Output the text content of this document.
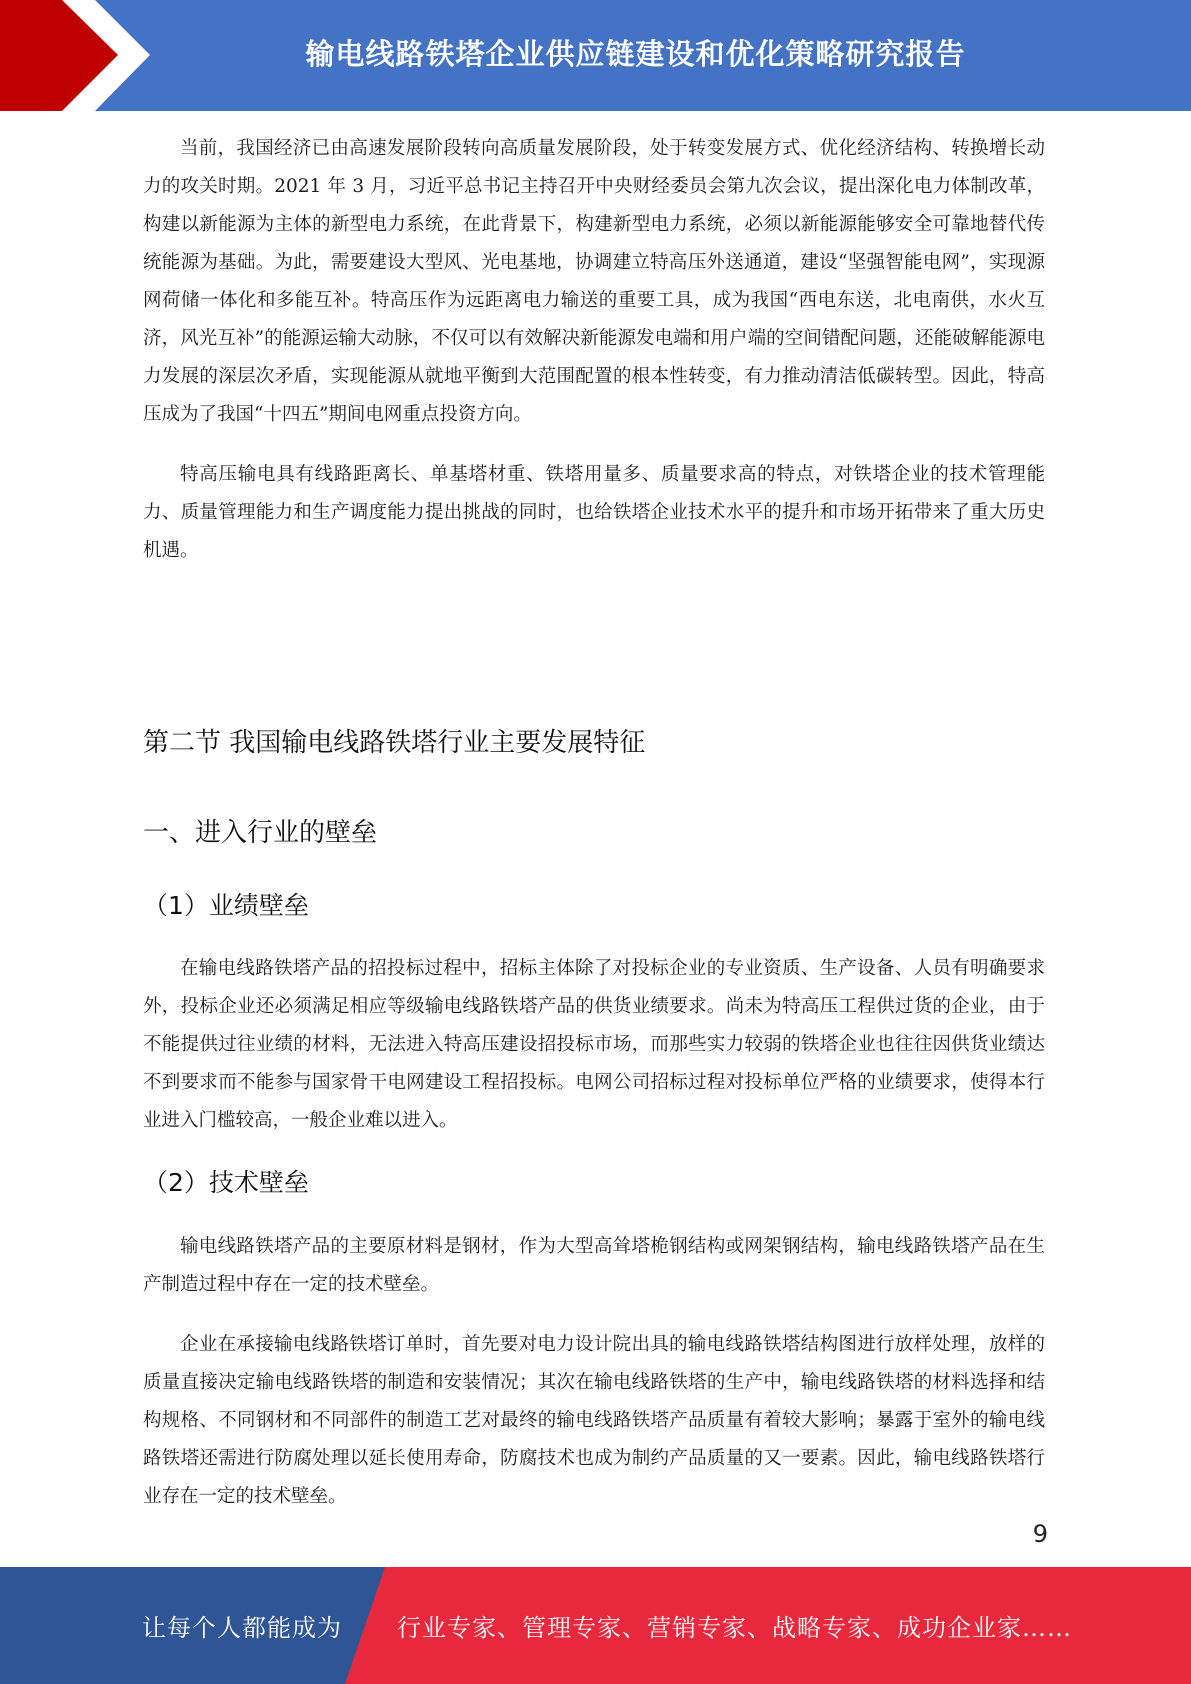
输电线路铁塔企业供应链建设和优化策略研究报告

当前，我国经济已由高速发展阶段转向高质量发展阶段，处于转变发展方式、优化经济结构、转换增长动力的攻关时期。2021 年 3 月，习近平总书记主持召开中央财经委员会第九次会议，提出深化电力体制改革，构建以新能源为主体的新型电力系统，在此背景下，构建新型电力系统，必须以新能源能够安全可靠地替代传统能源为基础。为此，需要建设大型风、光电基地，协调建立特高压外送通道，建设“坚强智能电网”，实现源网荷储一体化和多能互补。特高压作为远距离电力输送的重要工具，成为我国“西电东送，北电南供，水火互济，风光互补”的能源运输大动脉，不仅可以有效解决新能源发电端和用户端的空间错配问题，还能破解能源电力发展的深层次矛盾，实现能源从就地平衡到大范围配置的根本性转变，有力推动清洁低碳转型。因此，特高压成为了我国“十四五”期间电网重点投资方向。

特高压输电具有线路距离长、单基塔材重、铁塔用量多、质量要求高的特点，对铁塔企业的技术管理能力、质量管理能力和生产调度能力提出挑战的同时，也给铁塔企业技术水平的提升和市场开拓带来了重大历史机遇。

第二节 我国输电线路铁塔行业主要发展特征
一、进入行业的壁垒
（1）业绩壁垒

在输电线路铁塔产品的招投标过程中，招标主体除了对投标企业的专业资质、生产设备、人员有明确要求外，投标企业还必须满足相应等级输电线路铁塔产品的供货业绩要求。尚未为特高压工程供过货的企业，由于不能提供过往业绩的材料，无法进入特高压建设招投标市场，而那些实力较弱的铁塔企业也往往因供货业绩达不到要求而不能参与国家骨干电网建设工程招投标。电网公司招标过程对投标单位严格的业绩要求，使得本行业进入门槛较高，一般企业难以进入。

（2）技术壁垒

输电线路铁塔产品的主要原材料是钢材，作为大型高耸塔桅钢结构或网架钢结构，输电线路铁塔产品在生产制造过程中存在一定的技术壁垒。

企业在承接输电线路铁塔订单时，首先要对电力设计院出具的输电线路铁塔结构图进行放样处理，放样的质量直接决定输电线路铁塔的制造和安装情况；其次在输电线路铁塔的生产中，输电线路铁塔的材料选择和结构规格、不同钢材和不同部件的制造工艺对最终的输电线路铁塔产品质量有着较大影响；暴露于室外的输电线路铁塔还需进行防腐处理以延长使用寿命，防腐技术也成为制约产品质量的又一要素。因此，输电线路铁塔行业存在一定的技术壁垒。

9
让每个人都能成为 行业专家、管理专家、营销专家、战略专家、成功企业家……
